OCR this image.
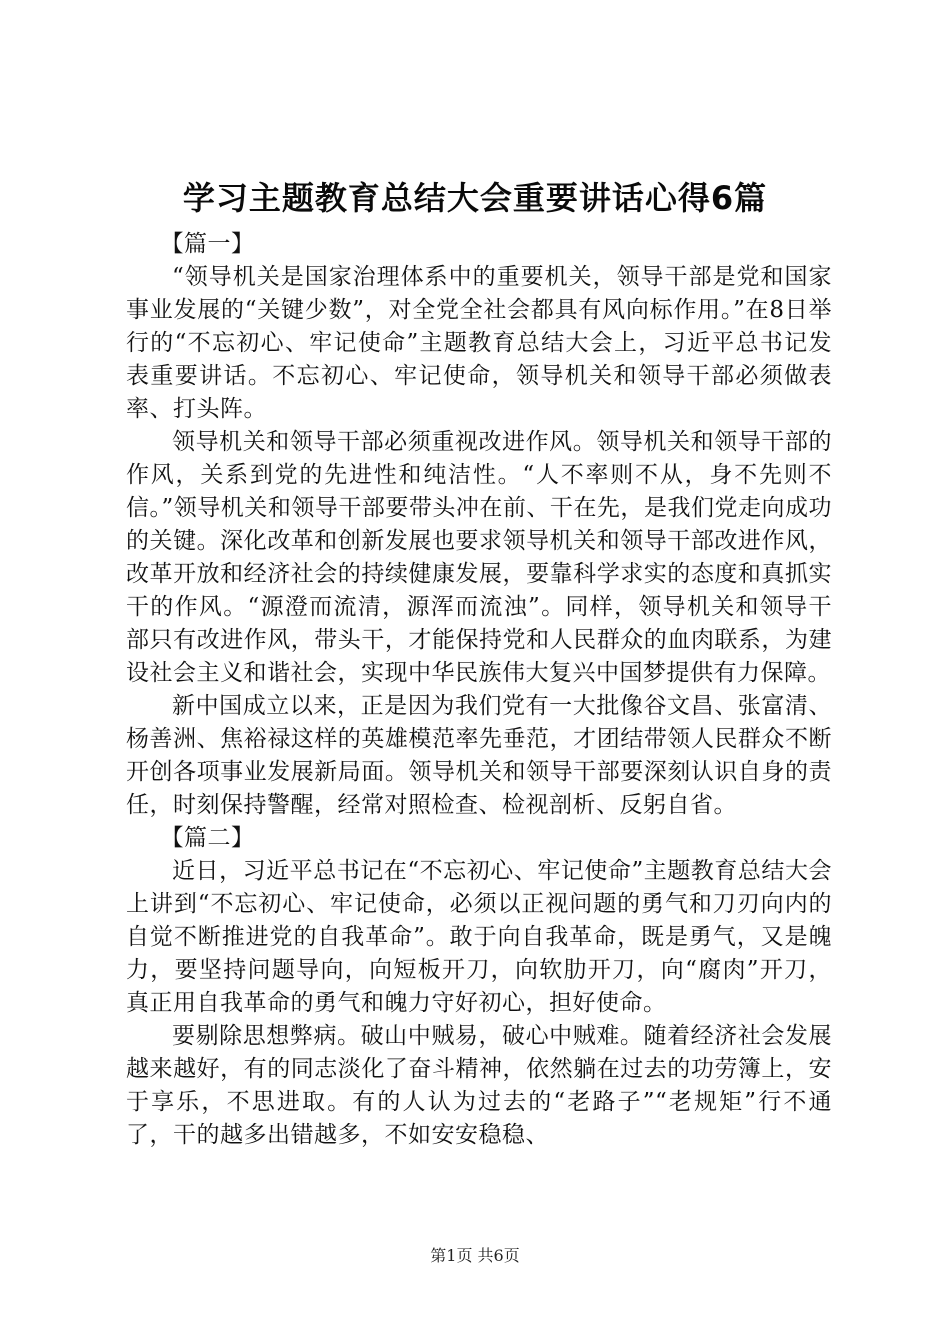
学习主题教育总结大会重要讲话心得6篇

【篇一】

“领导机关是国家治理体系中的重要机关，领导干部是党和国家事业发展的“关键少数”，对全党全社会都具有风向标作用。”在8日举行的“不忘初心、牢记使命”主题教育总结大会上，习近平总书记发表重要讲话。不忘初心、牢记使命，领导机关和领导干部必须做表率、打头阵。

领导机关和领导干部必须重视改进作风。领导机关和领导干部的作风，关系到党的先进性和纯洁性。“人不率则不从，身不先则不信。”领导机关和领导干部要带头冲在前、干在先，是我们党走向成功的关键。深化改革和创新发展也要求领导机关和领导干部改进作风，改革开放和经济社会的持续健康发展，要靠科学求实的态度和真抓实干的作风。“源澄而流清，源浑而流浊”。同样，领导机关和领导干部只有改进作风，带头干，才能保持党和人民群众的血肉联系，为建设社会主义和谐社会，实现中华民族伟大复兴中国梦提供有力保障。

新中国成立以来，正是因为我们党有一大批像谷文昌、张富清、杨善洲、焦裕禄这样的英雄模范率先垂范，才团结带领人民群众不断开创各项事业发展新局面。领导机关和领导干部要深刻认识自身的责任，时刻保持警醒，经常对照检查、检视剖析、反躬自省。

【篇二】

近日，习近平总书记在“不忘初心、牢记使命”主题教育总结大会上讲到“不忘初心、牢记使命，必须以正视问题的勇气和刀刃向内的自觉不断推进党的自我革命”。敢于向自我革命，既是勇气，又是魄力，要坚持问题导向，向短板开刀，向软肋开刀，向“腐肉”开刀，真正用自我革命的勇气和魄力守好初心，担好使命。

要剔除思想弊病。破山中贼易，破心中贼难。随着经济社会发展越来越好，有的同志淡化了奋斗精神，依然躺在过去的功劳簿上，安于享乐，不思进取。有的人认为过去的“老路子”“老规矩”行不通了，干的越多出错越多，不如安安稳稳、

第1页 共6页
